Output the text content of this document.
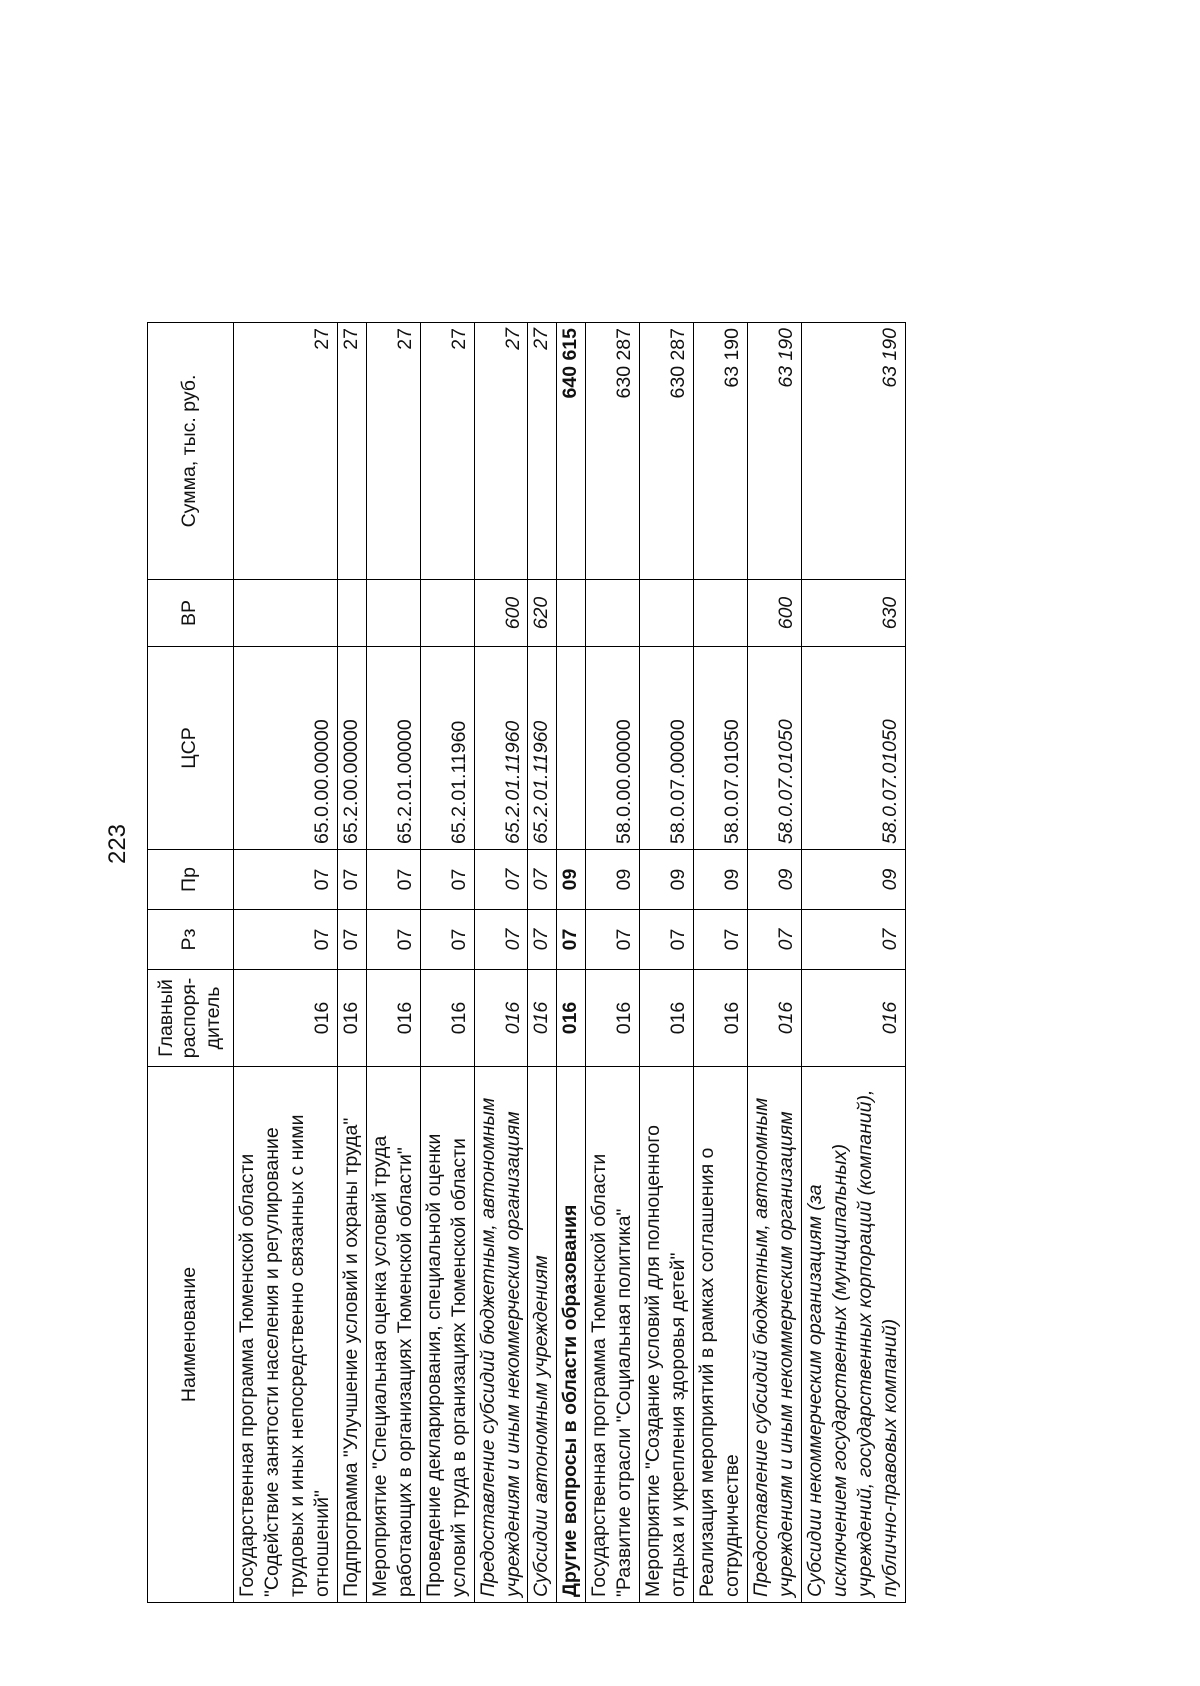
223
Наименование	Главный распоря-дитель	Рз	Пр	ЦСР	ВР	Сумма, тыс. руб.
Государственная программа Тюменской области "Содействие занятости населения и регулирование трудовых и иных непосредственно связанных с ними отношений"	016	07	07	65.0.00.00000		27
Подпрограмма "Улучшение условий и охраны труда"	016	07	07	65.2.00.00000		27
Мероприятие "Специальная оценка условий труда работающих в организациях Тюменской области"	016	07	07	65.2.01.00000		27
Проведение декларирования, специальной оценки условий труда в организациях Тюменской области	016	07	07	65.2.01.11960		27
Предоставление субсидий бюджетным, автономным учреждениям и иным некоммерческим организациям	016	07	07	65.2.01.11960	600	27
Субсидии автономным учреждениям	016	07	07	65.2.01.11960	620	27
Другие вопросы в области образования	016	07	09			640 615
Государственная программа Тюменской области "Развитие отрасли "Социальная политика"	016	07	09	58.0.00.00000		630 287
Мероприятие "Создание условий для полноценного отдыха и укрепления здоровья детей"	016	07	09	58.0.07.00000		630 287
Реализация мероприятий в рамках соглашения о сотрудничестве	016	07	09	58.0.07.01050		63 190
Предоставление субсидий бюджетным, автономным учреждениям и иным некоммерческим организациям	016	07	09	58.0.07.01050	600	63 190
Субсидии некоммерческим организациям (за исключением государственных (муниципальных) учреждений, государственных корпораций (компаний), публично-правовых компаний)	016	07	09	58.0.07.01050	630	63 190
